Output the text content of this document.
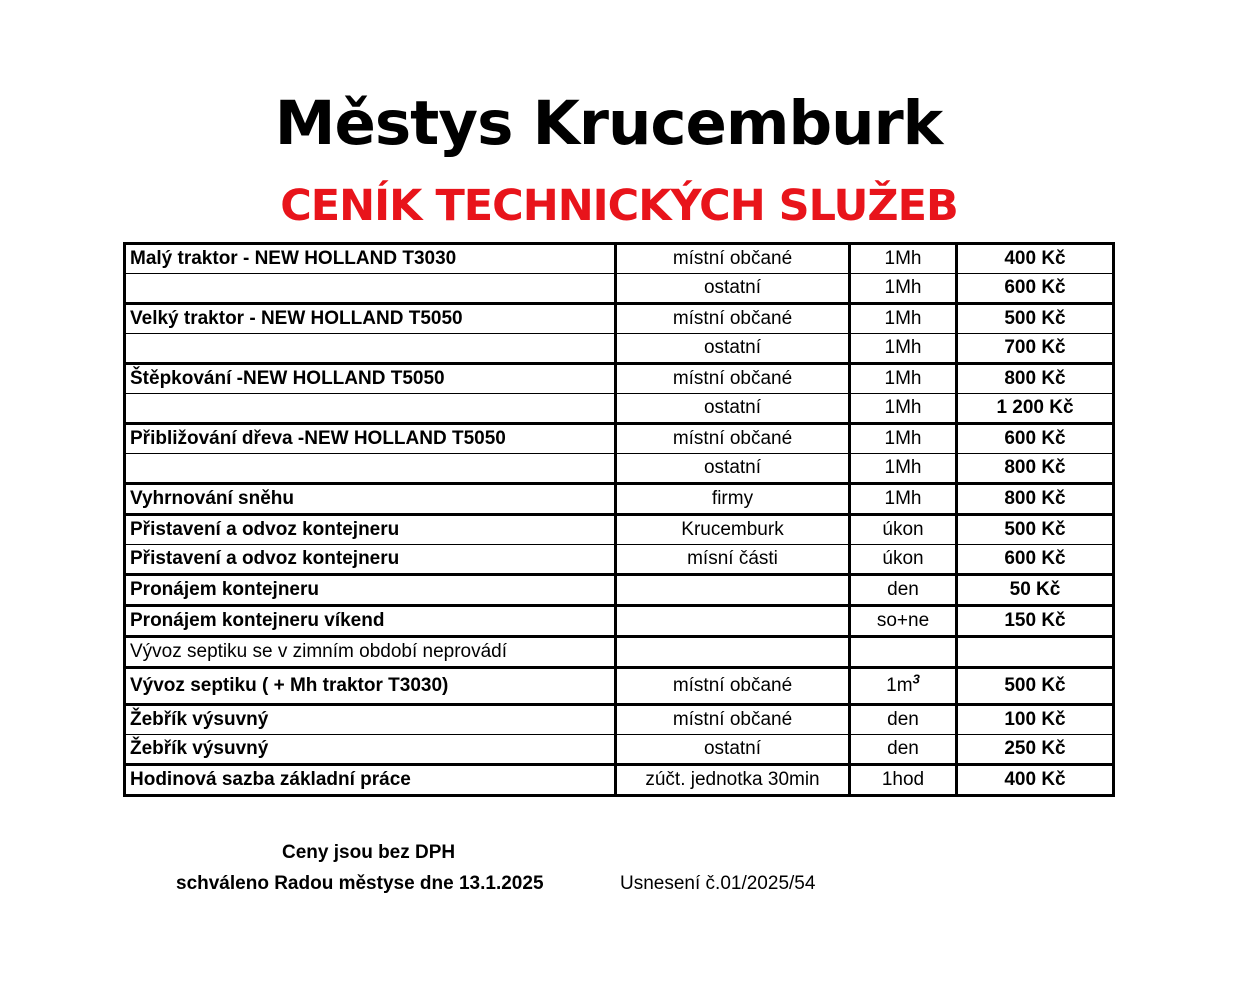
Městys Krucemburk
CENÍK TECHNICKÝCH SLUŽEB
Malý traktor - NEW HOLLAND T3030	místní občané	1Mh	400 Kč
	ostatní	1Mh	600 Kč
Velký traktor - NEW HOLLAND T5050	místní občané	1Mh	500 Kč
	ostatní	1Mh	700 Kč
Štěpkování -NEW HOLLAND T5050	místní občané	1Mh	800 Kč
	ostatní	1Mh	1 200 Kč
Přibližování dřeva -NEW HOLLAND T5050	místní občané	1Mh	600 Kč
	ostatní	1Mh	800 Kč
Vyhrnování sněhu	firmy	1Mh	800 Kč
Přistavení a odvoz kontejneru	Krucemburk	úkon	500 Kč
Přistavení a odvoz kontejneru	mísní části	úkon	600 Kč
Pronájem kontejneru		den	50 Kč
Pronájem kontejneru víkend		so+ne	150 Kč
Vývoz septiku se v zimním období neprovádí			
Vývoz septiku ( + Mh traktor T3030)	místní občané	$1m^3$	500 Kč
Žebřík výsuvný	místní občané	den	100 Kč
Žebřík výsuvný	ostatní	den	250 Kč
Hodinová sazba základní práce	zúčt. jednotka 30min	1hod	400 Kč
Ceny jsou bez DPH
schváleno Radou městyse dne 13.1.2025	Usnesení č.01/2025/54
